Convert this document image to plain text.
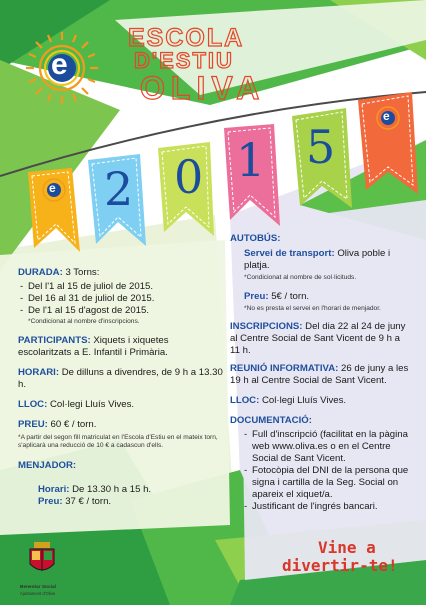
e
ESCOLA
D'ESTIU
OLIVA
e 2 0 1 5
e
DURADA: 3 Torns:
- Del l'1 al 15 de juliol de 2015.
- Del 16 al 31 de juliol de 2015.
- De l'1 al 15 d'agost de 2015.
*Condicionat al nombre d'inscripcions.
PARTICIPANTS: Xiquets i xiquetes escolaritzats a E. Infantil i Primària.
HORARI: De dilluns a divendres, de 9 h a 13.30 h.
LLOC: Col·legi Lluís Vives.
PREU: 60 € / torn.
*A partir del segon fill matriculat en l'Escola d'Estiu en el mateix torn, s'aplicarà una reducció de 10 € a cadascun d'ells.
MENJADOR:
Horari: De 13.30 h a 15 h.
Preu: 37 € / torn.
AUTOBÚS:
Servei de transport: Oliva poble i platja.
*Condicionat al nombre de sol·licituds.
Preu: 5€ / torn.
*No es presta el servei en l'horari de menjador.
INSCRIPCIONS: Del dia 22 al 24 de juny al Centre Social de Sant Vicent de 9 h a 11 h.
REUNIÓ INFORMATIVA: 26 de juny a les 19 h al Centre Social de Sant Vicent.
LLOC: Col·legi Lluís Vives.
DOCUMENTACIÓ:
- Full d'inscripció (facilitat en la pàgina web www.oliva.es o en el Centre Social de Sant Vicent.
- Fotocòpia del DNI de la persona que signa i cartilla de la Seg. Social on apareix el xiquet/a.
- Justificant de l'ingrés bancari.
Vine a
divertir-te!
Benestar Social
Ajuntament d'Oliva
